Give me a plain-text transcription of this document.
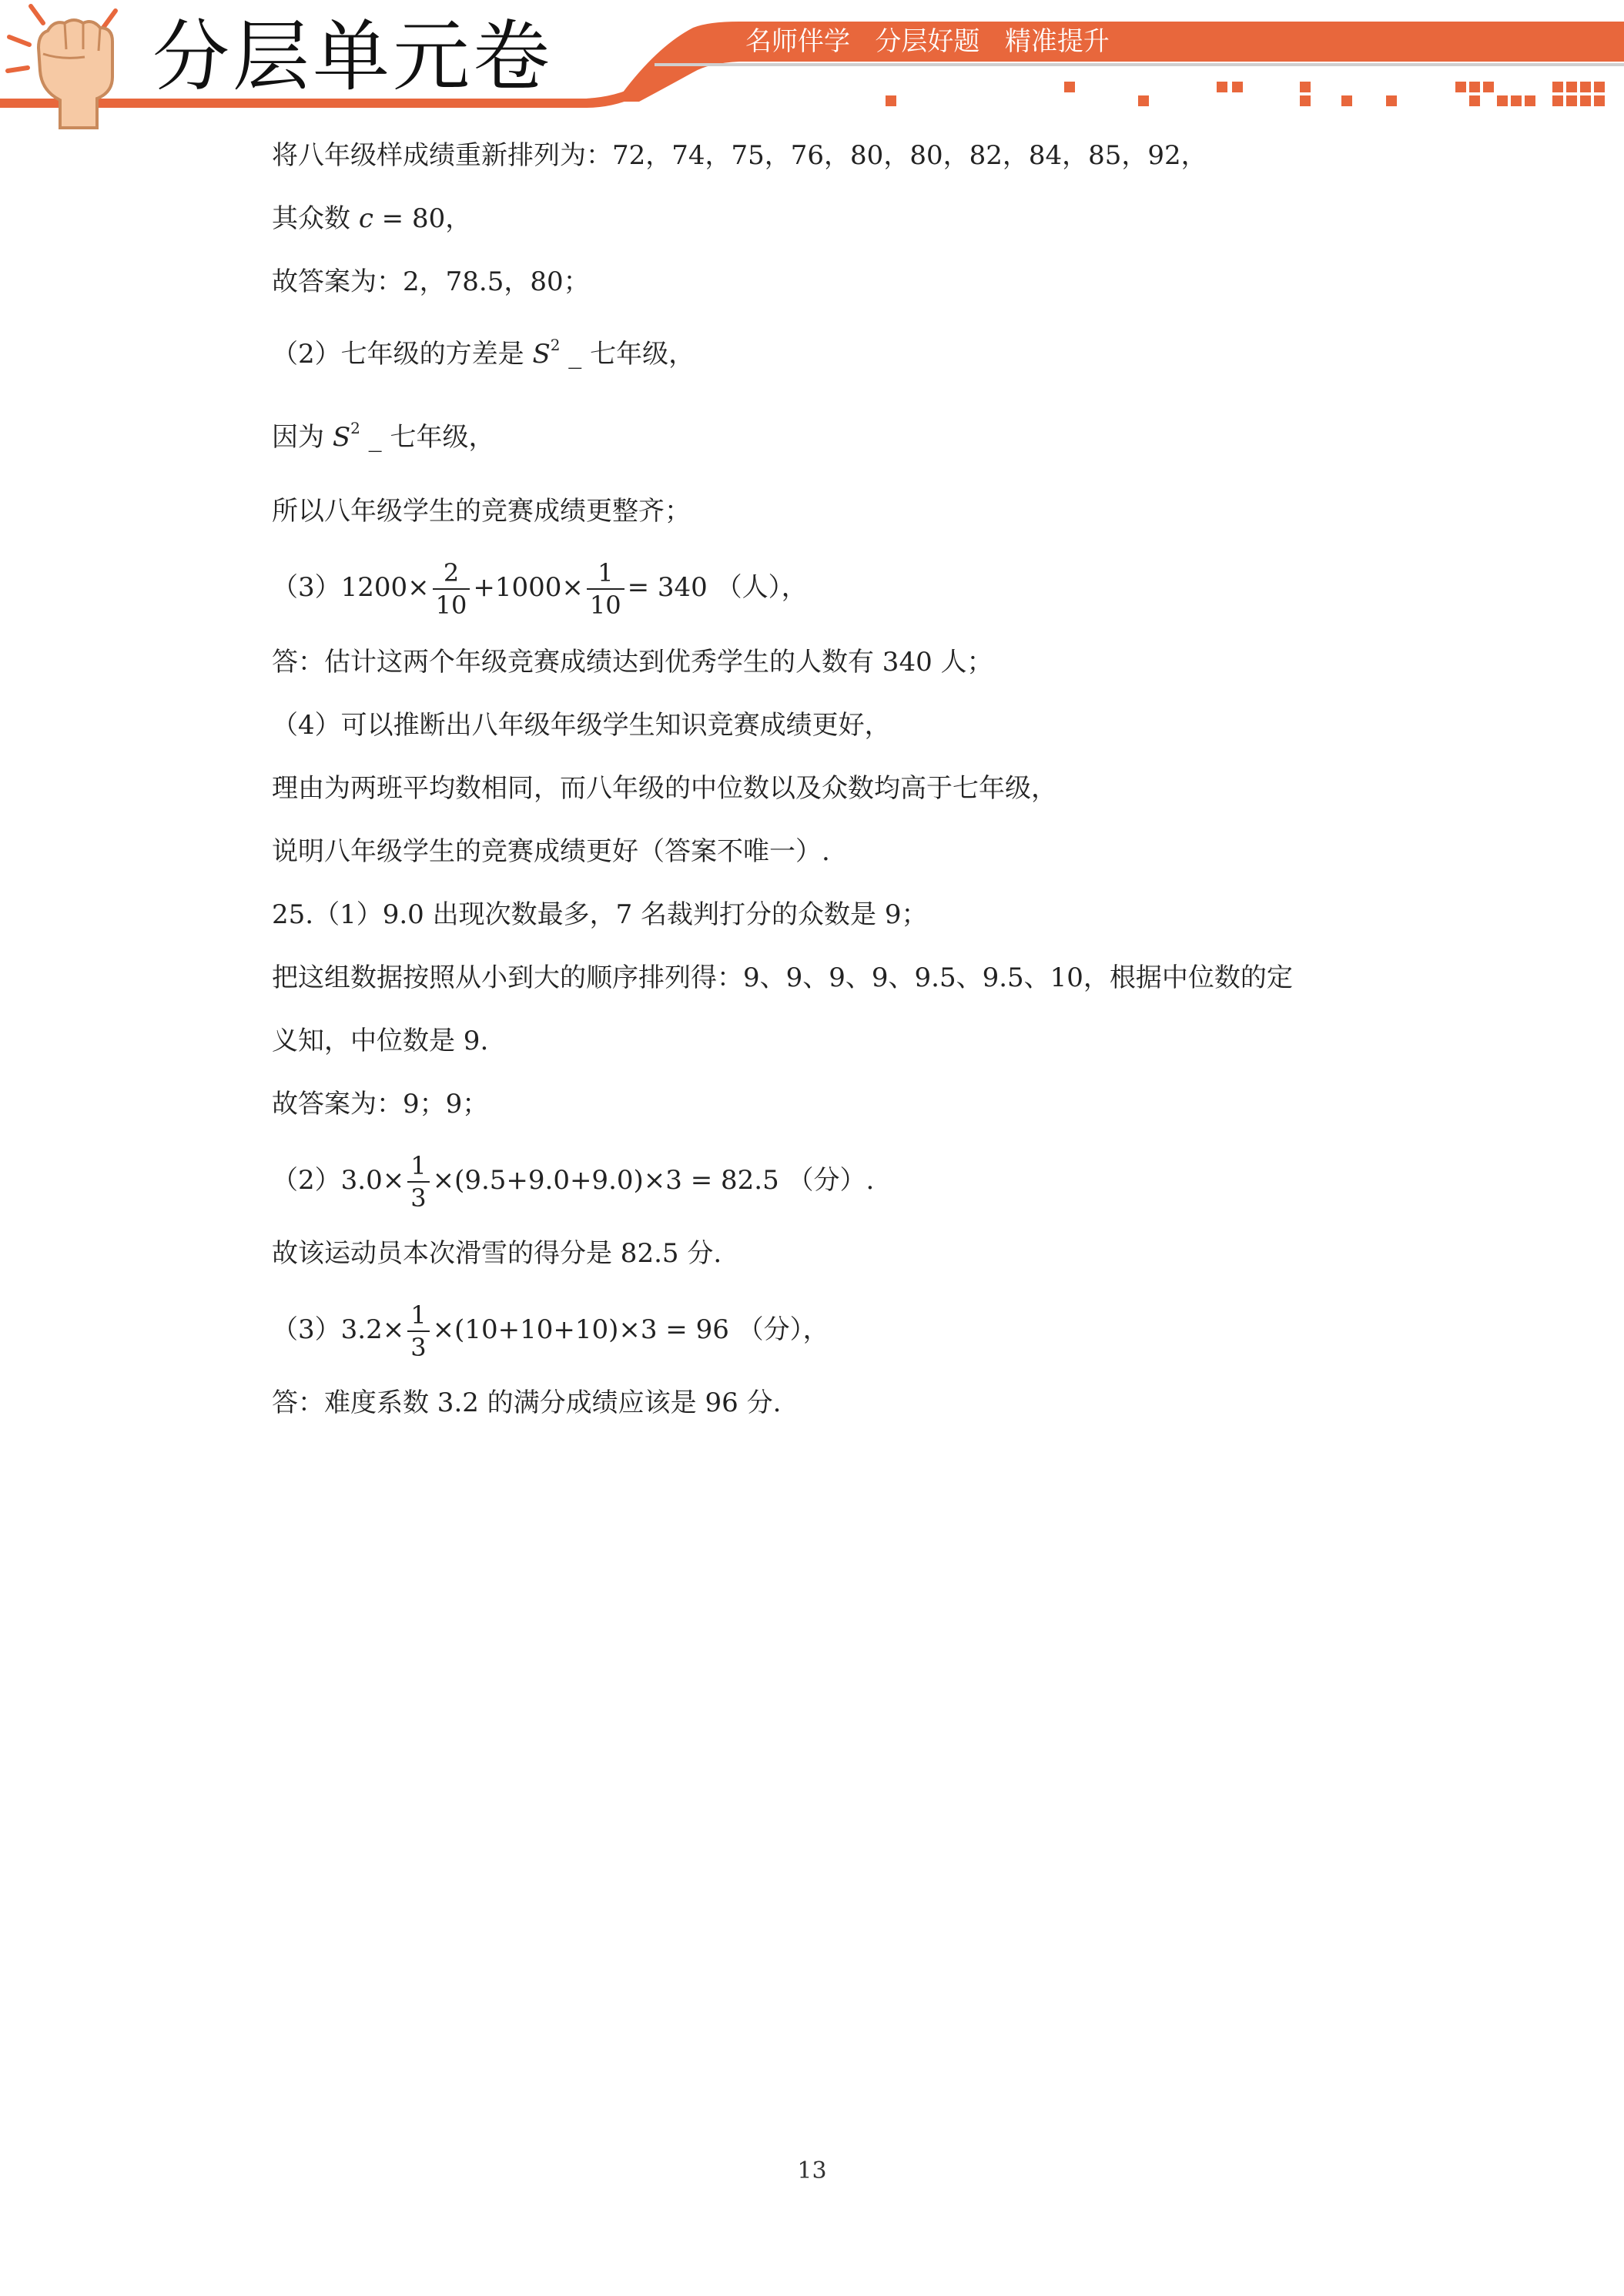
分层单元卷	名师伴学   分层好题   精准提升
将八年级样成绩重新排列为：72，74，75，76，80，80，82，84，85，92，
其众数 c = 80，
故答案为：2，78.5，80；
（2）七年级的方差是 $S^2$ _ 七年级，
因为 $S^2$ _ 七年级，
所以八年级学生的竞赛成绩更整齐；
$(3)1200\times \frac{2}{10} +1000\times \frac{1}{10} = 340$ （人），
答：估计这两个年级竞赛成绩达到优秀学生的人数有 340 人；
（4）可以推断出八年级年级学生知识竞赛成绩更好，
理由为两班平均数相同，而八年级的中位数以及众数均高于七年级，
说明八年级学生的竞赛成绩更好（答案不唯一）.
25.（1）9.0 出现次数最多，7 名裁判打分的众数是 9；
把这组数据按照从小到大的顺序排列得：9、9、9、9、9.5、9.5、10，根据中位数的定
义知，中位数是 9.
故答案为：9；9；
$(2)3.0\times \frac{1}{3} \times(9.5+9.0+9.0)\times 3 = 82.5$ （分）.
故该运动员本次滑雪的得分是 82.5 分.
$(3)3.2\times \frac{1}{3} \times(10+10+10)\times 3 = 96$ （分），
答：难度系数 3.2 的满分成绩应该是 96 分.
13
